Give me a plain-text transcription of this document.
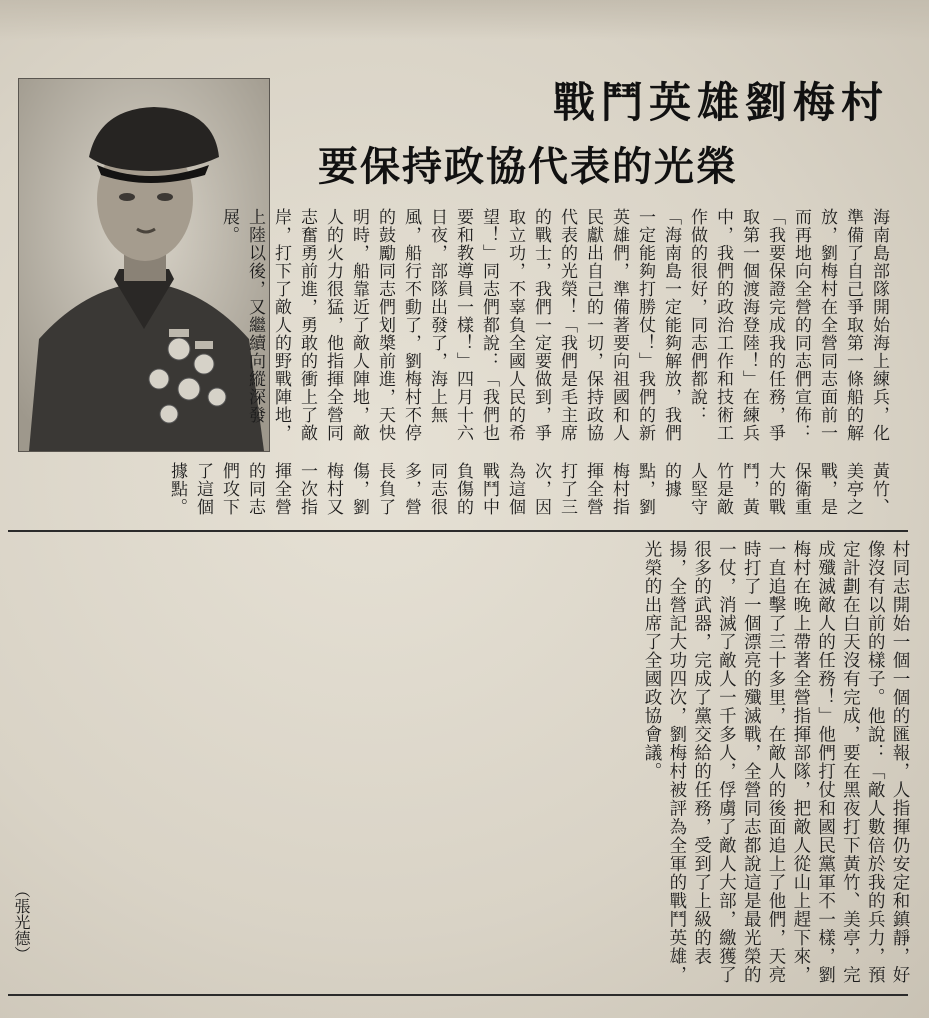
戰鬥英雄劉梅村
要保持政協代表的光榮

海南島部隊開始海上練兵，化準備了自己爭取第一條船的解放，劉梅村在全營同志面前一而再地向全營的同志們宣佈：「我要保證完成我的任務，爭取第一個渡海登陸！」在練兵中，我們的政治工作和技術工作做的很好，同志們都說：「海南島一定能夠解放，我們一定能夠打勝仗！」我們的新英雄們，準備著要向祖國和人民獻出自己的一切，保持政協代表的光榮！「我們是毛主席的戰士，我們一定要做到，爭取立功，不辜負全國人民的希望！」同志們都說：「我們也要和教導員一樣！」四月十六日夜，部隊出發了，海上無風，船行不動了，劉梅村不停的鼓勵同志們划槳前進，天快明時，船靠近了敵人陣地，敵人的火力很猛，他指揮全營同志奮勇前進，勇敢的衝上了敵岸，打下了敵人的野戰陣地，上陸以後，又繼續向縱深發展。

黃竹、美亭之戰，是保衛重大的戰鬥，黃竹是敵人堅守的據點，劉梅村指揮全營打了三次，因為這個戰鬥中負傷的同志很多，營長負了傷，劉梅村又一次指揮全營的同志們攻下了這個據點。

村同志開始一個一個的匯報，人指揮仍安定和鎮靜，好像沒有以前的樣子。他說：「敵人數倍於我的兵力，預定計劃在白天沒有完成，要在黑夜打下黃竹、美亭，完成殲滅敵人的任務！」他們打仗和國民黨軍不一樣，劉梅村在晚上帶著全營指揮部隊，把敵人從山上趕下來，一直追擊了三十多里，在敵人的後面追上了他們，天亮時打了一個漂亮的殲滅戰，全營同志都說這是最光榮的一仗，消滅了敵人一千多人，俘虜了敵人大部，繳獲了很多的武器，完成了黨交給的任務，受到了上級的表揚，全營記大功四次，劉梅村被評為全軍的戰鬥英雄，光榮的出席了全國政協會議。

（張光德）
